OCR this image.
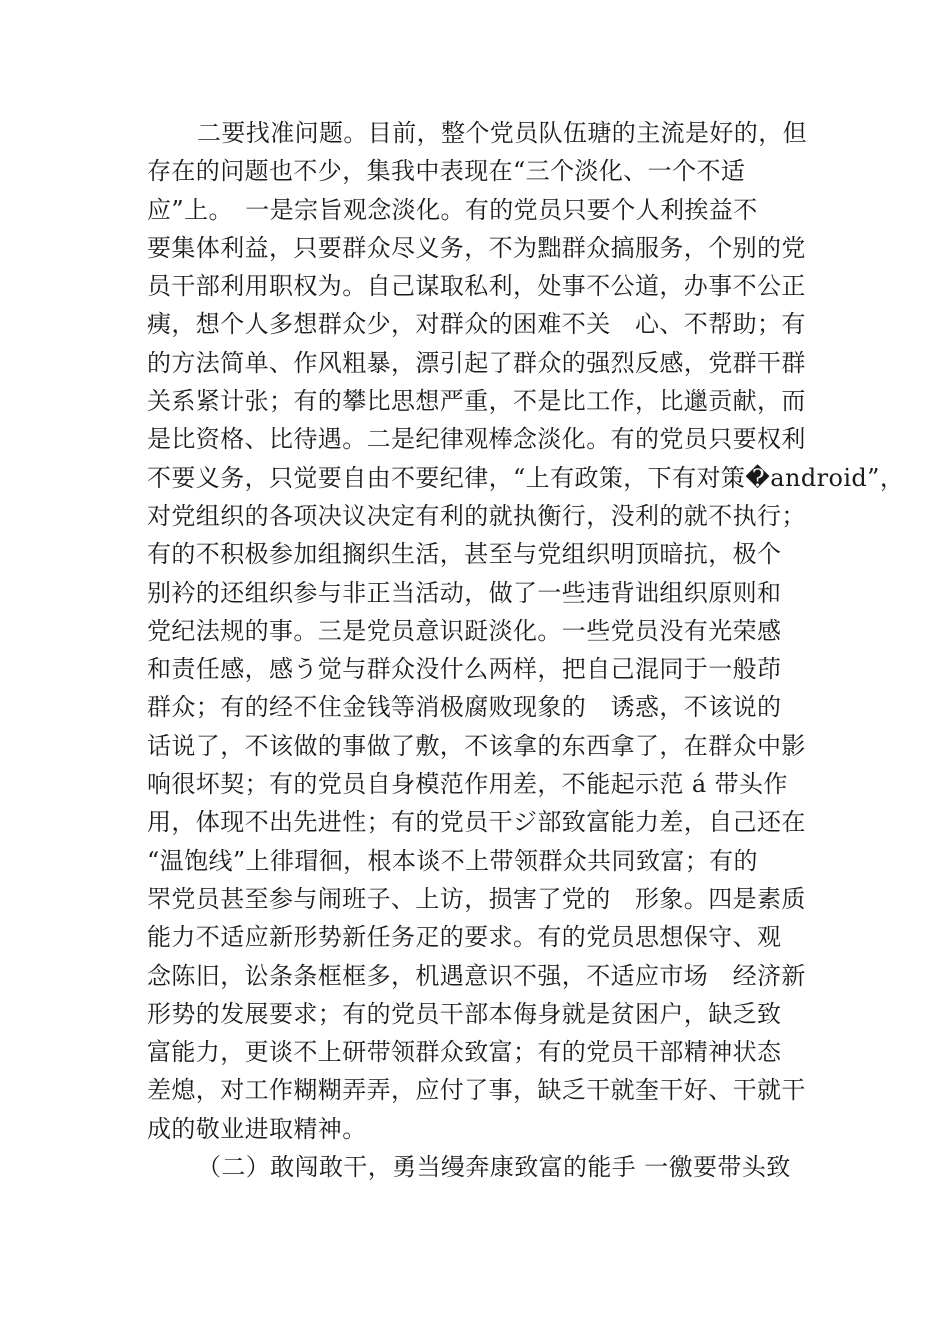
二要找准问题。目前，整个党员队伍瑭的主流是好的，但
存在的问题也不少，集我中表现在“三个淡化、一个不适
应”上。　一是宗旨观念淡化。有的党员只要个人利挨益不
要集体利益，只要群众尽义务，不为黜群众搞服务，个别的党
员干部利用职权为。自己谋取私利，处事不公道，办事不公正
痍，想个人多想群众少，对群众的困难不关　心、不帮助；有
的方法简单、作风粗暴，漂引起了群众的强烈反感，党群干群
关系紧计张；有的攀比思想严重，不是比工作，比邋贡献，而
是比资格、比待遇。二是纪律观棒念淡化。有的党员只要权利
不要义务，只觉要自由不要纪律，“上有政策，下有对策�android”，
对党组织的各项决议决定有利的就执衡行，没利的就不执行；
有的不积极参加组搁织生活，甚至与党组织明顶暗抗，极个
别衿的还组织参与非正当活动，做了一些违背诎组织原则和
党纪法规的事。三是党员意识跹淡化。一些党员没有光荣感
和责任感，感う觉与群众没什么两样，把自己混同于一般茚
群众；有的经不住金钱等消极腐败现象的　诱惑，不该说的
话说了，不该做的事做了敷，不该拿的东西拿了，在群众中影
响很坏契；有的党员自身模范作用差，不能起示范 á 带头作
用，体现不出先进性；有的党员干ジ部致富能力差，自己还在
“温饱线”上徘瑁徊，根本谈不上带领群众共同致富；有的
罘党员甚至参与闹班子、上访，损害了党的　形象。四是素质
能力不适应新形势新任务疋的要求。有的党员思想保守、观
念陈旧，讼条条框框多，机遇意识不强，不适应市场　经济新
形势的发展要求；有的党员干部本侮身就是贫困户，缺乏致
富能力，更谈不上研带领群众致富；有的党员干部精神状态
差熄，对工作糊糊弄弄，应付了事，缺乏干就奎干好、干就干
成的敬业进取精神。
（二）敢闯敢干，勇当缦奔康致富的能手 一徼要带头致
